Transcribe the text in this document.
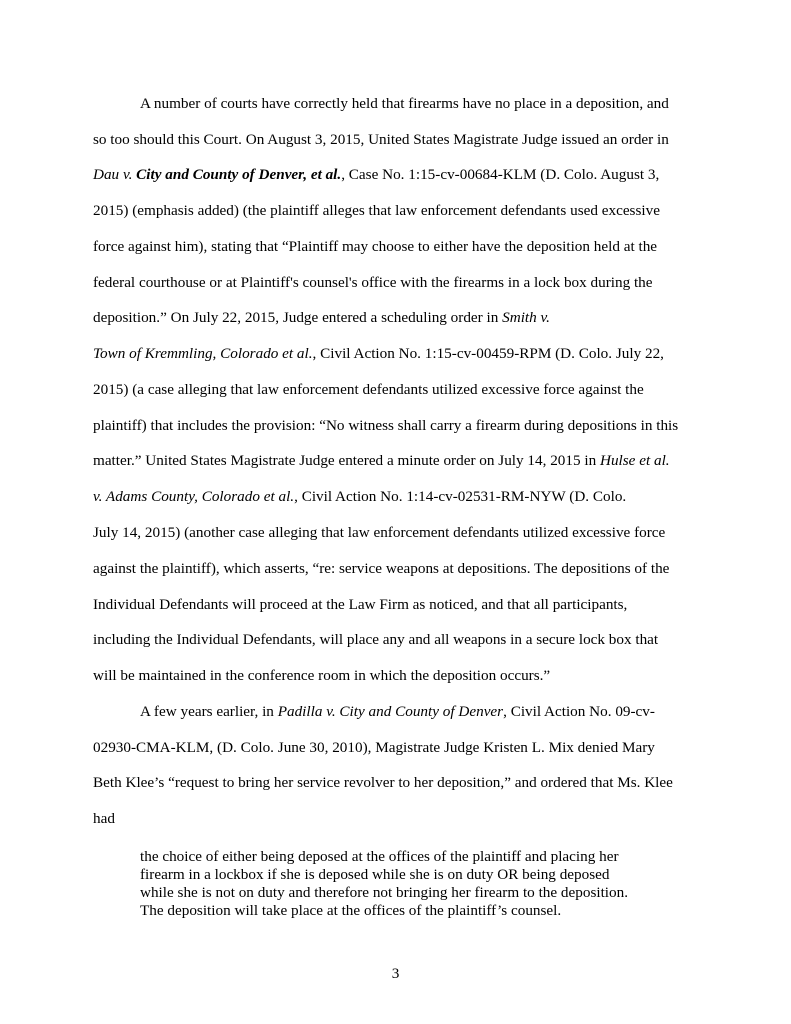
A number of courts have correctly held that firearms have no place in a deposition, and

so too should this Court. On August 3, 2015, United States Magistrate Judge issued an order in

Dau v. City and County of Denver, et al., Case No. 1:15-cv-00684-KLM (D. Colo. August 3,

2015) (emphasis added) (the plaintiff alleges that law enforcement defendants used excessive

force against him), stating that “Plaintiff may choose to either have the deposition held at the

federal courthouse or at Plaintiff's counsel's office with the firearms in a lock box during the

deposition.” On July 22, 2015, Judge entered a scheduling order in Smith v.

Town of Kremmling, Colorado et al., Civil Action No. 1:15-cv-00459-RPM (D. Colo. July 22,

2015) (a case alleging that law enforcement defendants utilized excessive force against the

plaintiff) that includes the provision: “No witness shall carry a firearm during depositions in this

matter.” United States Magistrate Judge entered a minute order on July 14, 2015 in Hulse et al.

v. Adams County, Colorado et al., Civil Action No. 1:14-cv-02531-RM-NYW (D. Colo.

July 14, 2015) (another case alleging that law enforcement defendants utilized excessive force

against the plaintiff), which asserts, “re: service weapons at depositions. The depositions of the

Individual Defendants will proceed at the Law Firm as noticed, and that all participants,

including the Individual Defendants, will place any and all weapons in a secure lock box that

will be maintained in the conference room in which the deposition occurs.”

A few years earlier, in Padilla v. City and County of Denver, Civil Action No. 09-cv-

02930-CMA-KLM, (D. Colo. June 30, 2010), Magistrate Judge Kristen L. Mix denied Mary

Beth Klee’s “request to bring her service revolver to her deposition,” and ordered that Ms. Klee

had

the choice of either being deposed at the offices of the plaintiff and placing her

firearm in a lockbox if she is deposed while she is on duty OR being deposed

while she is not on duty and therefore not bringing her firearm to the deposition.

The deposition will take place at the offices of the plaintiff’s counsel.

3
